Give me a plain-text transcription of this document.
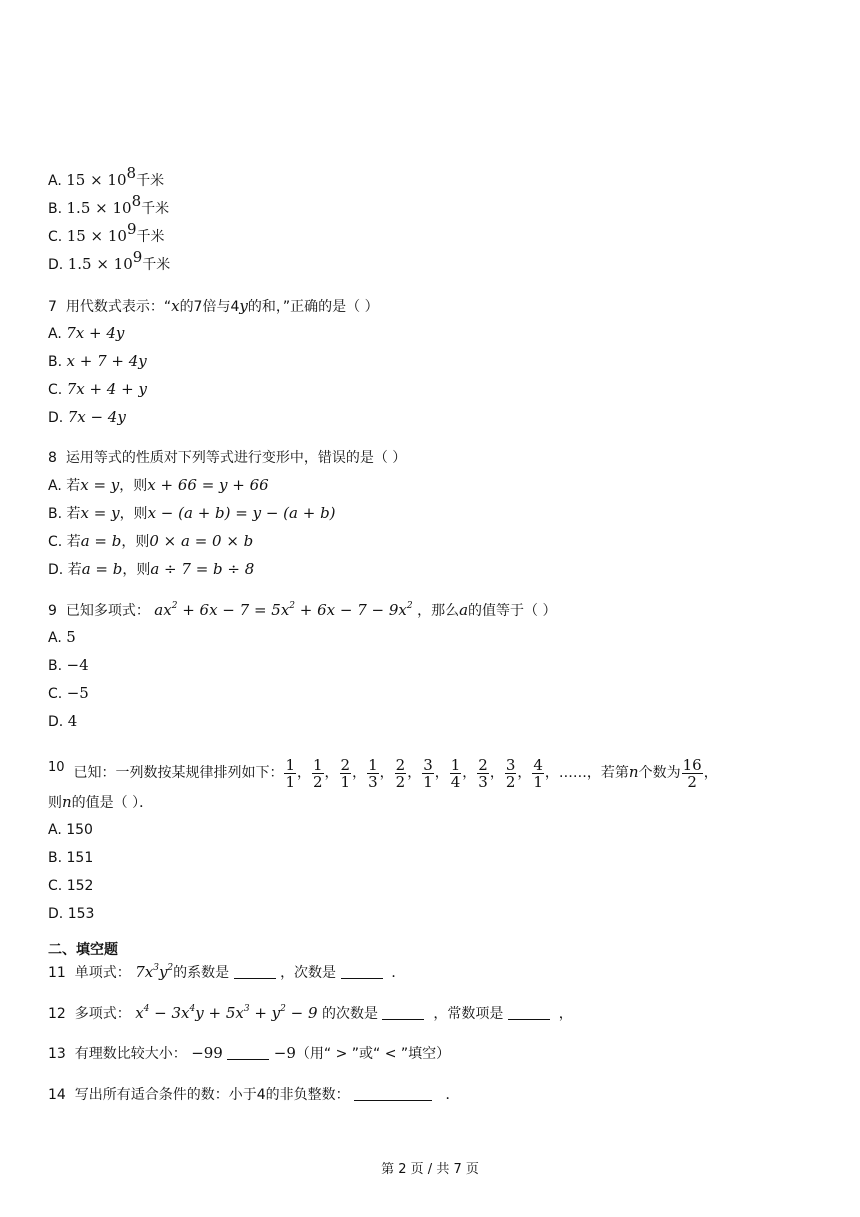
A. $15 \times 10^8$千米
B. $1.5 \times 10^8$千米
C. $15 \times 10^9$千米
D. $1.5 \times 10^9$千米
7 用代数式表示：“x的7倍与4y的和，”正确的是（ ）
A. 7x + 4y
B. x + 7 + 4y
C. 7x + 4 + y
D. 7x − 4y
8 运用等式的性质对下列等式进行变形中，错误的是（ ）
A. 若x = y，则x + 66 = y + 66
B. 若x = y，则x − (a + b) = y − (a + b)
C. 若a = b，则0 × a = 0 × b
D. 若a = b，则a ÷ 7 = b ÷ 8
9 已知多项式： $ax^2 + 6x - 7 = 5x^2 + 6x - 7 - 9x^2$ ，那么a的值等于（ ）
A. 5
B. −4
C. −5
D. 4
10 已知：一列数按某规律排列如下： $\frac{1}{1}$ ， $\frac{1}{2}$ ， $\frac{2}{1}$ ， $\frac{1}{3}$ ， $\frac{2}{2}$ ， $\frac{3}{1}$ ， $\frac{1}{4}$ ， $\frac{2}{3}$ ， $\frac{3}{2}$ ， $\frac{4}{1}$ ，……，若第n个数为 $\frac{16}{2}$ ，
则n的值是（ ）．
A. 150
B. 151
C. 152
D. 153
二、填空题
11 单项式： $7x^3y^2$的系数是	，次数是	．
12 多项式： $x^4 - 3x^4y + 5x^3 + y^2 - 9$ 的次数是	，常数项是	，
13 有理数比较大小： −99	−9（用“ > ”或“ < ”填空）
14 写出所有适合条件的数：小于4的非负整数：	．
第 2 页 / 共 7 页
